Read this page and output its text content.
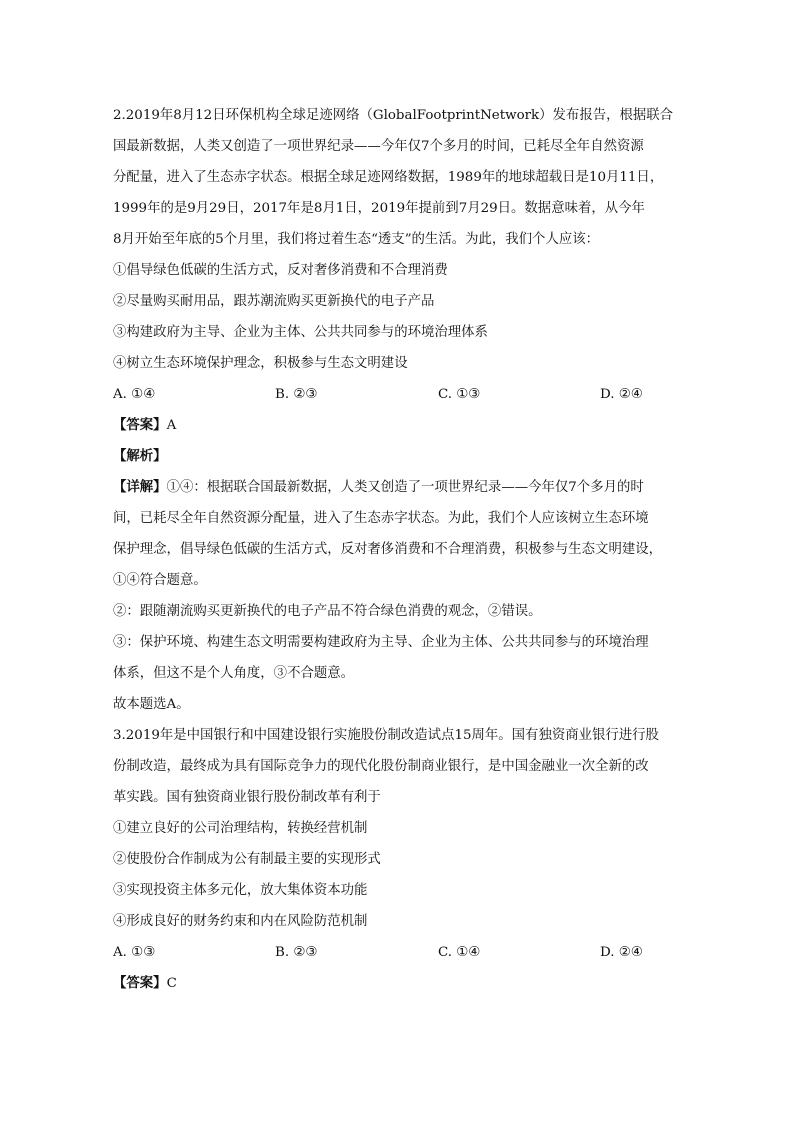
2.2019年8月12日环保机构全球足迹网络（GlobalFootprintNetwork）发布报告，根据联合

国最新数据，人类又创造了一项世界纪录——今年仅7个多月的时间，已耗尽全年自然资源

分配量，进入了生态赤字状态。根据全球足迹网络数据，1989年的地球超载日是10月11日，

1999年的是9月29日，2017年是8月1日，2019年提前到7月29日。数据意味着，从今年

8月开始至年底的5个月里，我们将过着生态“透支”的生活。为此，我们个人应该：

①倡导绿色低碳的生活方式，反对奢侈消费和不合理消费

②尽量购买耐用品，跟苏潮流购买更新换代的电子产品

③构建政府为主导、企业为主体、公共共同参与的环境治理体系

④树立生态环境保护理念，积极参与生态文明建设

A. ①④	B. ②③	C. ①③	D. ②④

【答案】A

【解析】

【详解】①④：根据联合国最新数据，人类又创造了一项世界纪录——今年仅7个多月的时

间，已耗尽全年自然资源分配量，进入了生态赤字状态。为此，我们个人应该树立生态环境

保护理念，倡导绿色低碳的生活方式，反对奢侈消费和不合理消费，积极参与生态文明建设，

①④符合题意。

②：跟随潮流购买更新换代的电子产品不符合绿色消费的观念，②错误。

③：保护环境、构建生态文明需要构建政府为主导、企业为主体、公共共同参与的环境治理

体系，但这不是个人角度，③不合题意。

故本题选A。

3.2019年是中国银行和中国建设银行实施股份制改造试点15周年。国有独资商业银行进行股

份制改造，最终成为具有国际竞争力的现代化股份制商业银行，是中国金融业一次全新的改

革实践。国有独资商业银行股份制改革有利于

①建立良好的公司治理结构，转换经营机制

②使股份合作制成为公有制最主要的实现形式

③实现投资主体多元化，放大集体资本功能

④形成良好的财务约束和内在风险防范机制

A. ①③	B. ②③	C. ①④	D. ②④

【答案】C
